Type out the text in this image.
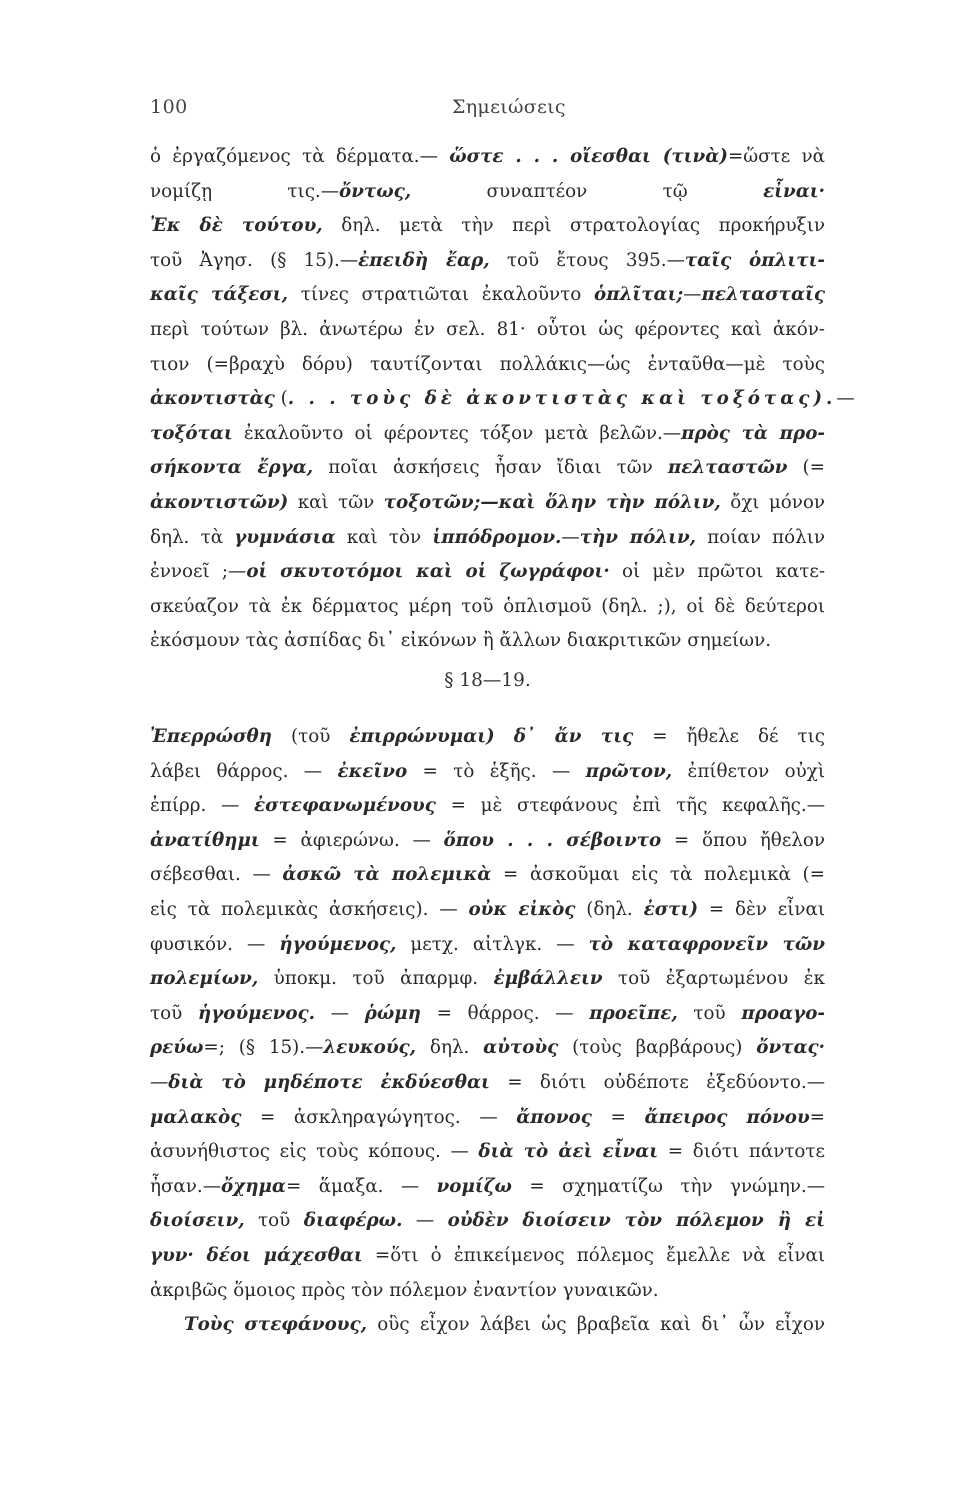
100	Σημειώσεις
ὁ ἐργαζόμενος τὰ δέρματα.— ὥστε . . . οἴεσθαι (τινὰ)=ὥστε νὰ
νομίζῃ τις.—ὄντως, συναπτέον τῷ εἶναι·
Ἐκ δὲ τούτου, δηλ. μετὰ τὴν περὶ στρατολογίας προκήρυξιν
τοῦ Ἀγησ. (§ 15).—ἐπειδὴ ἔαρ, τοῦ ἔτους 395.—ταῖς ὁπλιτι-
καῖς τάξεσι, τίνες στρατιῶται ἐκαλοῦντο ὁπλῖται;—πελτασταῖς
περὶ τούτων βλ. ἀνωτέρω ἐν σελ. 81· οὗτοι ὡς φέροντες καὶ ἀκόν-
τιον (=βραχὺ δόρυ) ταυτίζονται πολλάκις—ὡς ἐνταῦθα—μὲ τοὺς
ἀκοντιστὰς (. . . τοὺς δὲ ἀκοντιστὰς καὶ τοξότας).—
τοξόται ἐκαλοῦντο οἱ φέροντες τόξον μετὰ βελῶν.—πρὸς τὰ προ-
σήκοντα ἔργα, ποῖαι ἀσκήσεις ἦσαν ἴδιαι τῶν πελταστῶν (=
ἀκοντιστῶν) καὶ τῶν τοξοτῶν;—καὶ ὅλην τὴν πόλιν, ὄχι μόνον
δηλ. τὰ γυμνάσια καὶ τὸν ἱππόδρομον.—τὴν πόλιν, ποίαν πόλιν
ἐννοεῖ ;—οἱ σκυτοτόμοι καὶ οἱ ζωγράφοι· οἱ μὲν πρῶτοι κατε-
σκεύαζον τὰ ἐκ δέρματος μέρη τοῦ ὁπλισμοῦ (δηλ. ;), οἱ δὲ δεύτεροι
ἐκόσμουν τὰς ἀσπίδας δι᾽ εἰκόνων ἢ ἄλλων διακριτικῶν σημείων.
§ 18—19.
Ἐπερρώσθη (τοῦ ἐπιρρώνυμαι) δ᾽ ἄν τις = ἤθελε δέ τις
λάβει θάρρος. — ἐκεῖνο = τὸ ἑξῆς. — πρῶτον, ἐπίθετον οὐχὶ
ἐπίρρ. — ἐστεφανωμένους = μὲ στεφάνους ἐπὶ τῆς κεφαλῆς.—
ἀνατίθημι = ἀφιερώνω. — ὅπου . . . σέβοιντο = ὅπου ἤθελον
σέβεσθαι. — ἀσκῶ τὰ πολεμικὰ = ἀσκοῦμαι εἰς τὰ πολεμικὰ (=
εἰς τὰ πολεμικὰς ἀσκήσεις). — οὐκ εἰκὸς (δηλ. ἐστι) = δὲν εἶναι
φυσικόν. — ἡγούμενος, μετχ. αἰτλγκ. — τὸ καταφρονεῖν τῶν
πολεμίων, ὑποκμ. τοῦ ἀπαρμφ. ἐμβάλλειν τοῦ ἐξαρτωμένου ἐκ
τοῦ ἡγούμενος. — ῥώμη = θάρρος. — προεῖπε, τοῦ προαγο-
ρεύω=; (§ 15).—λευκούς, δηλ. αὐτοὺς (τοὺς βαρβάρους) ὄντας·
—διὰ τὸ μηδέποτε ἐκδύεσθαι = διότι οὐδέποτε ἐξεδύοντο.—
μαλακὸς = ἀσκληραγώγητος. — ἄπονος = ἄπειρος πόνου=
ἀσυνήθιστος εἰς τοὺς κόπους. — διὰ τὸ ἀεὶ εἶναι = διότι πάντοτε
ἦσαν.—ὄχημα= ἅμαξα. — νομίζω = σχηματίζω τὴν γνώμην.—
διοίσειν, τοῦ διαφέρω. — οὐδὲν διοίσειν τὸν πόλεμον ἢ εἰ
γυν· δέοι μάχεσθαι =ὅτι ὁ ἐπικείμενος πόλεμος ἔμελλε νὰ εἶναι
ἀκριβῶς ὅμοιος πρὸς τὸν πόλεμον ἐναντίον γυναικῶν.
Τοὺς στεφάνους, οὓς εἶχον λάβει ὡς βραβεῖα καὶ δι᾽ ὧν εἶχον
